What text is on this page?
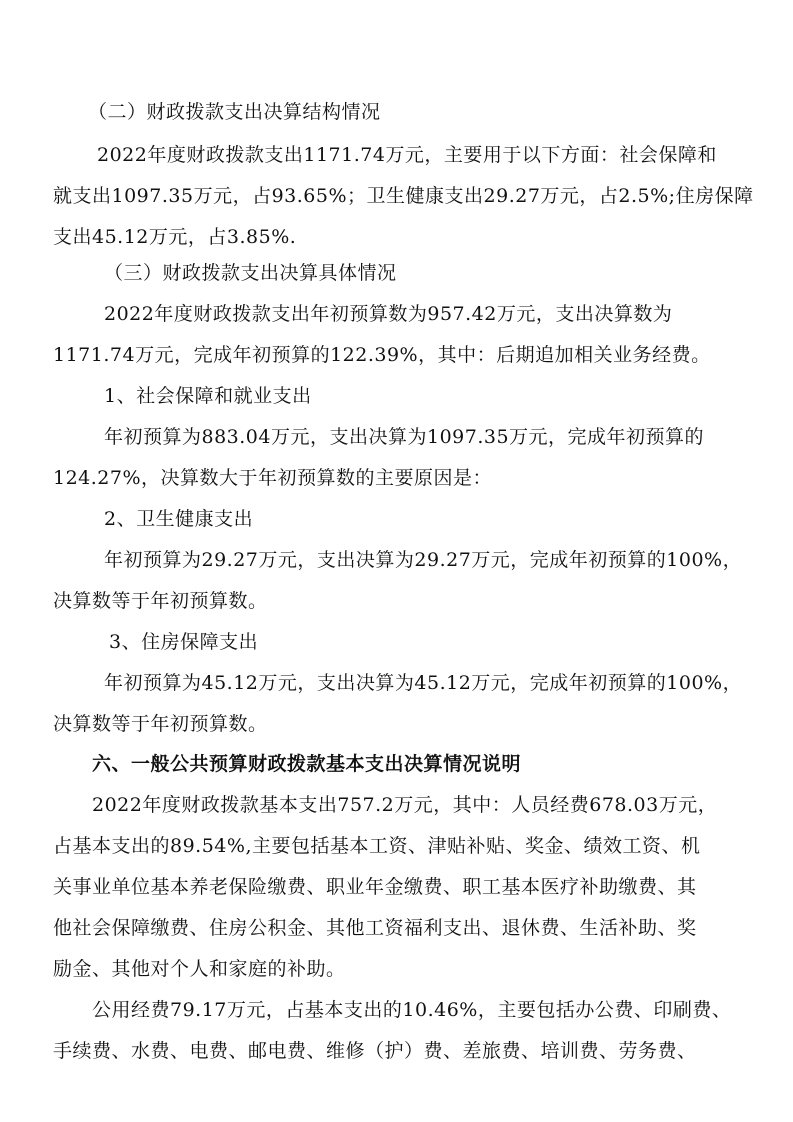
（二）财政拨款支出决算结构情况

2022年度财政拨款支出1171.74万元，主要用于以下方面：社会保障和

就支出1097.35万元，占93.65%；卫生健康支出29.27万元，占2.5%;住房保障

支出45.12万元，占3.85%.

（三）财政拨款支出决算具体情况

2022年度财政拨款支出年初预算数为957.42万元，支出决算数为

1171.74万元，完成年初预算的122.39%，其中：后期追加相关业务经费。

1、社会保障和就业支出

年初预算为883.04万元，支出决算为1097.35万元，完成年初预算的

124.27%，决算数大于年初预算数的主要原因是：

2、卫生健康支出

年初预算为29.27万元，支出决算为29.27万元，完成年初预算的100%，

决算数等于年初预算数。

3、住房保障支出

年初预算为45.12万元，支出决算为45.12万元，完成年初预算的100%，

决算数等于年初预算数。

六、一般公共预算财政拨款基本支出决算情况说明

2022年度财政拨款基本支出757.2万元，其中：人员经费678.03万元，

占基本支出的89.54%,主要包括基本工资、津贴补贴、奖金、绩效工资、机

关事业单位基本养老保险缴费、职业年金缴费、职工基本医疗补助缴费、其

他社会保障缴费、住房公积金、其他工资福利支出、退休费、生活补助、奖

励金、其他对个人和家庭的补助。

公用经费79.17万元，占基本支出的10.46%，主要包括办公费、印刷费、

手续费、水费、电费、邮电费、维修（护）费、差旅费、培训费、劳务费、
